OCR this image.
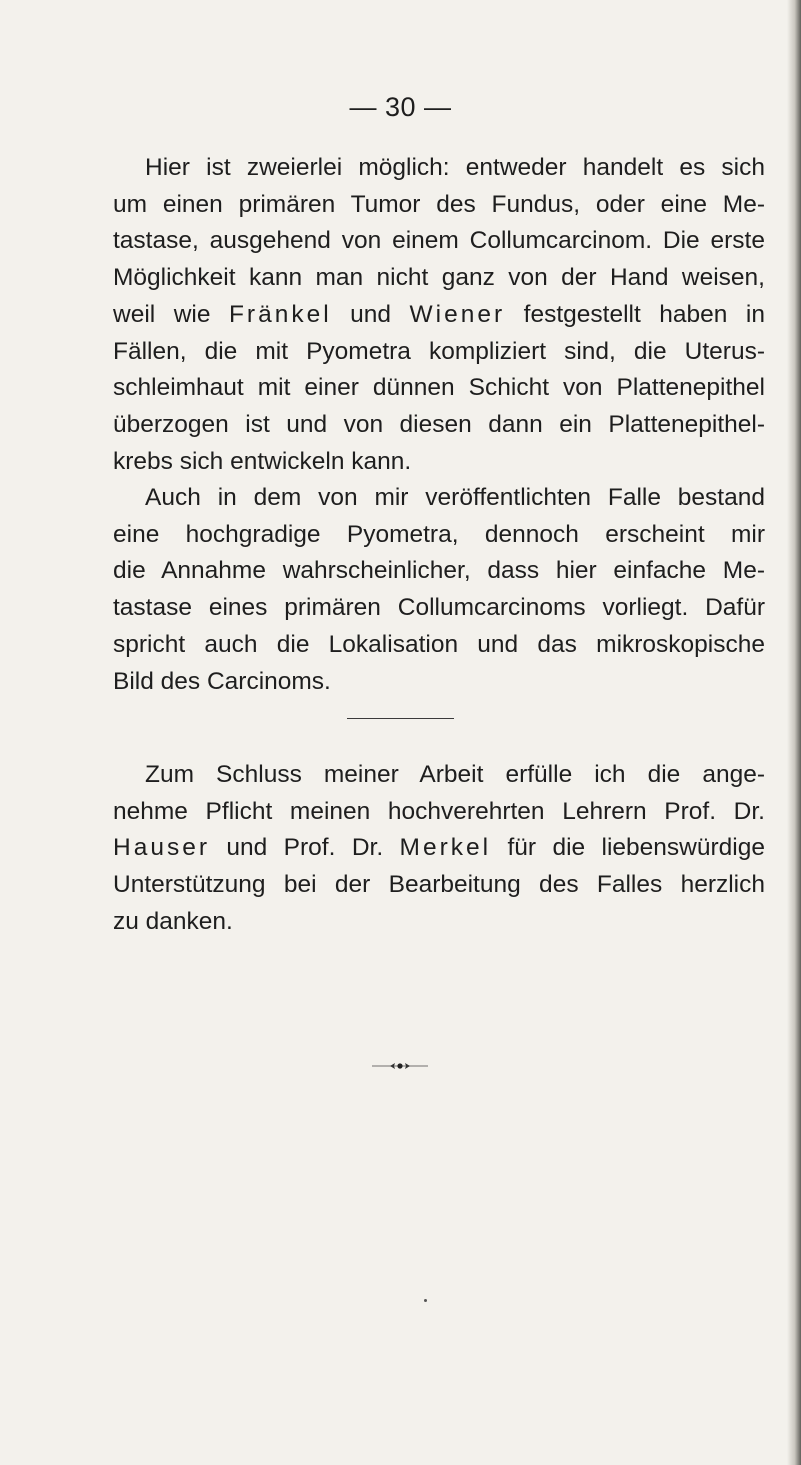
— 30 —

Hier ist zweierlei möglich: entweder handelt es sich
um einen primären Tumor des Fundus, oder eine Me-
tastase, ausgehend von einem Collumcarcinom. Die erste
Möglichkeit kann man nicht ganz von der Hand weisen,
weil wie Fränkel und Wiener festgestellt haben in
Fällen, die mit Pyometra kompliziert sind, die Uterus-
schleimhaut mit einer dünnen Schicht von Plattenepithel
überzogen ist und von diesen dann ein Plattenepithel-
krebs sich entwickeln kann.

Auch in dem von mir veröffentlichten Falle bestand
eine hochgradige Pyometra, dennoch erscheint mir
die Annahme wahrscheinlicher, dass hier einfache Me-
tastase eines primären Collumcarcinoms vorliegt. Dafür
spricht auch die Lokalisation und das mikroskopische
Bild des Carcinoms.

Zum Schluss meiner Arbeit erfülle ich die ange-
nehme Pflicht meinen hochverehrten Lehrern Prof. Dr.
Hauser und Prof. Dr. Merkel für die liebenswürdige
Unterstützung bei der Bearbeitung des Falles herzlich
zu danken.
